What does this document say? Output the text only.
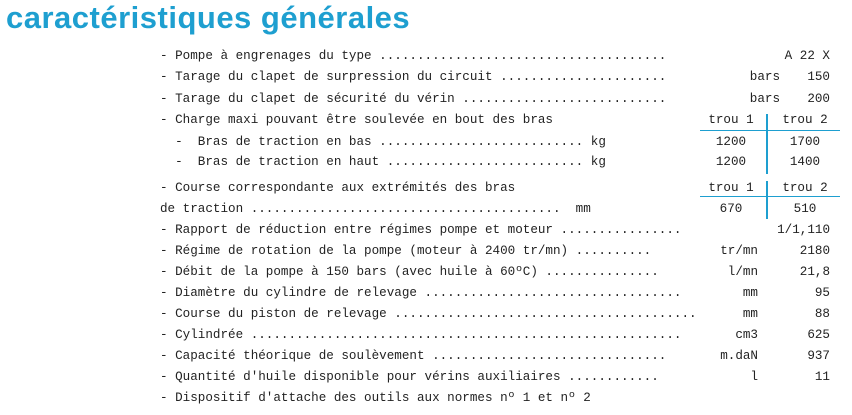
caractéristiques générales
- Pompe à engrenages du type ......................................	A 22 X
- Tarage du clapet de surpression du circuit ......................	bars	150
- Tarage du clapet de sécurité du vérin ...........................	bars	200
- Charge maxi pouvant être soulevée en bout des bras	trou 1	trou 2
-  Bras de traction en bas ........................... kg	1200	1700
-  Bras de traction en haut .......................... kg	1200	1400
- Course correspondante aux extrémités des bras	trou 1	trou 2
de traction .........................................  mm	670	510
- Rapport de réduction entre régimes pompe et moteur ................	1/1,110
- Régime de rotation de la pompe (moteur à 2400 tr/mn) ..........	tr/mn	2180
- Débit de la pompe à 150 bars (avec huile à 60ºC) ...............	l/mn	21,8
- Diamètre du cylindre de relevage ..................................	mm	95
- Course du piston de relevage ........................................	mm	88
- Cylindrée .........................................................	cm3	625
- Capacité théorique de soulèvement ...............................	m.daN	937
- Quantité d'huile disponible pour vérins auxiliaires ............	l	11
- Dispositif d'attache des outils aux normes nº 1 et nº 2
